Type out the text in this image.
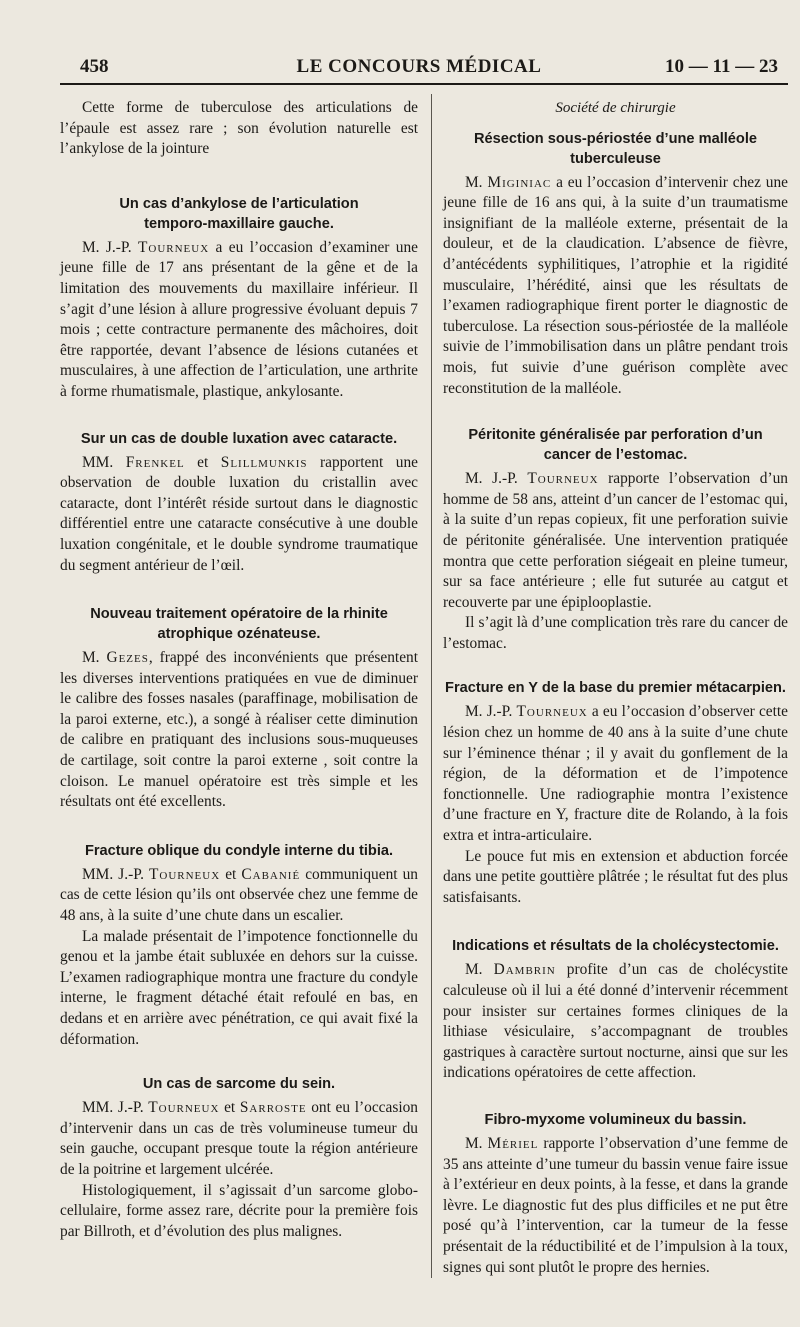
458	LE CONCOURS MÉDICAL	10 — 11 — 23

Cette forme de tuberculose des articulations de l’épaule est assez rare ; son évolution naturelle est l’ankylose de la jointure

Un cas d’ankylose de l’articulation temporo-maxillaire gauche.

M. J.-P. Tourneux a eu l’occasion d’examiner une jeune fille de 17 ans présentant de la gêne et de la limitation des mouvements du maxillaire inférieur. Il s’agit d’une lésion à allure progressive évoluant depuis 7 mois ; cette contracture permanente des mâchoires, doit être rapportée, devant l’absence de lésions cutanées et musculaires, à une affection de l’articulation, une arthrite à forme rhumatismale, plastique, ankylosante.

Sur un cas de double luxation avec cataracte.

MM. Frenkel et Slillmunkis rapportent une observation de double luxation du cristallin avec cataracte, dont l’intérêt réside surtout dans le diagnostic différentiel entre une cataracte consécutive à une double luxation congénitale, et le double syndrome traumatique du segment antérieur de l’œil.

Nouveau traitement opératoire de la rhinite atrophique ozénateuse.

M. Gezes, frappé des inconvénients que présentent les diverses interventions pratiquées en vue de diminuer le calibre des fosses nasales (paraffinage, mobilisation de la paroi externe, etc.), a songé à réaliser cette diminution de calibre en pratiquant des inclusions sous-muqueuses de cartilage, soit contre la paroi externe , soit contre la cloison. Le manuel opératoire est très simple et les résultats ont été excellents.

Fracture oblique du condyle interne du tibia.

MM. J.-P. Tourneux et Cabanié communiquent un cas de cette lésion qu’ils ont observée chez une femme de 48 ans, à la suite d’une chute dans un escalier.

La malade présentait de l’impotence fonctionnelle du genou et la jambe était subluxée en dehors sur la cuisse. L’examen radiographique montra une fracture du condyle interne, le fragment détaché était refoulé en bas, en dedans et en arrière avec pénétration, ce qui avait fixé la déformation.

Un cas de sarcome du sein.

MM. J.-P. Tourneux et Sarroste ont eu l’occasion d’intervenir dans un cas de très volumineuse tumeur du sein gauche, occupant presque toute la région antérieure de la poitrine et largement ulcérée.

Histologiquement, il s’agissait d’un sarcome globo-cellulaire, forme assez rare, décrite pour la première fois par Billroth, et d’évolution des plus malignes.

Société de chirurgie
Résection sous-périostée d’une malléole tuberculeuse

M. Miginiac a eu l’occasion d’intervenir chez une jeune fille de 16 ans qui, à la suite d’un traumatisme insignifiant de la malléole externe, présentait de la douleur, et de la claudication. L’absence de fièvre, d’antécédents syphilitiques, l’atrophie et la rigidité musculaire, l’hérédité, ainsi que les résultats de l’examen radiographique firent porter le diagnostic de tuberculose. La résection sous-périostée de la malléole suivie de l’immobilisation dans un plâtre pendant trois mois, fut suivie d’une guérison complète avec reconstitution de la malléole.

Péritonite généralisée par perforation d’un cancer de l’estomac.

M. J.-P. Tourneux rapporte l’observation d’un homme de 58 ans, atteint d’un cancer de l’estomac qui, à la suite d’un repas copieux, fit une perforation suivie de péritonite généralisée. Une intervention pratiquée montra que cette perforation siégeait en pleine tumeur, sur sa face antérieure ; elle fut suturée au catgut et recouverte par une épiplooplastie.

Il s’agit là d’une complication très rare du cancer de l’estomac.

Fracture en Y de la base du premier métacarpien.

M. J.-P. Tourneux a eu l’occasion d’observer cette lésion chez un homme de 40 ans à la suite d’une chute sur l’éminence thénar ; il y avait du gonflement de la région, de la déformation et de l’impotence fonctionnelle. Une radiographie montra l’existence d’une fracture en Y, fracture dite de Rolando, à la fois extra et intra-articulaire.

Le pouce fut mis en extension et abduction forcée dans une petite gouttière plâtrée ; le résultat fut des plus satisfaisants.

Indications et résultats de la cholécystectomie.

M. Dambrin profite d’un cas de cholécystite calculeuse où il lui a été donné d’intervenir récemment pour insister sur certaines formes cliniques de la lithiase vésiculaire, s’accompagnant de troubles gastriques à caractère surtout nocturne, ainsi que sur les indications opératoires de cette affection.

Fibro-myxome volumineux du bassin.

M. Mériel rapporte l’observation d’une femme de 35 ans atteinte d’une tumeur du bassin venue faire issue à l’extérieur en deux points, à la fesse, et dans la grande lèvre. Le diagnostic fut des plus difficiles et ne put être posé qu’à l’intervention, car la tumeur de la fesse présentait de la réductibilité et de l’impulsion à la toux, signes qui sont plutôt le propre des hernies.
